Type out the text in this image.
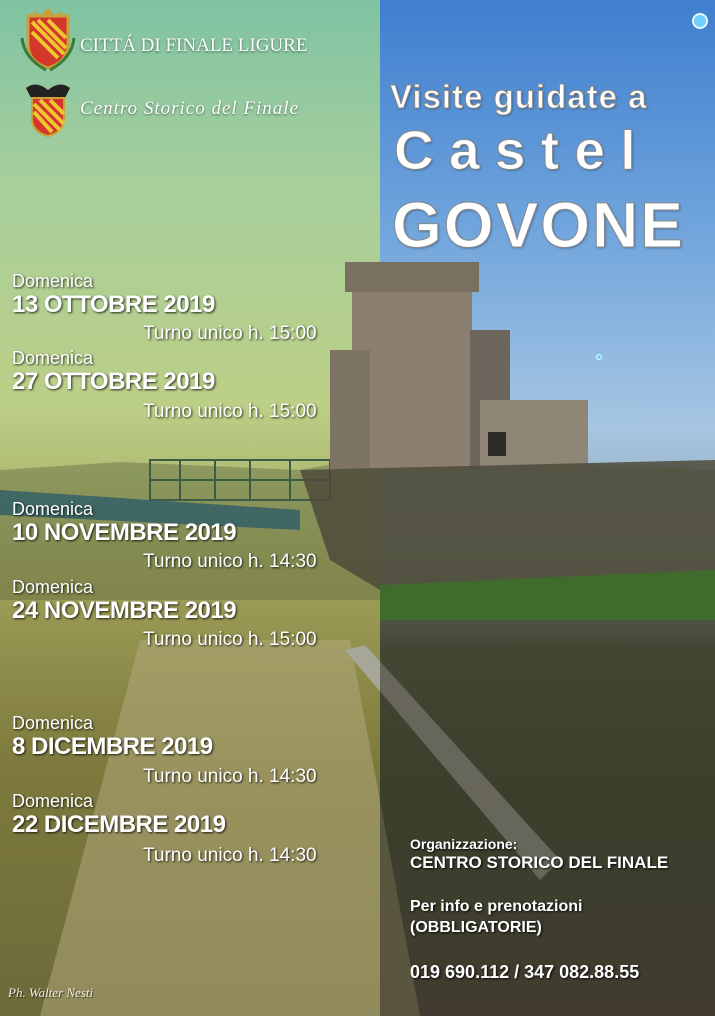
CITTÁ DI FINALE LIGURE
Centro Storico del Finale	Visite guidate a
C a s t e l
GOVONE
Domenica
13 OTTOBRE 2019
Turno unico h. 15:00
Domenica
27 OTTOBRE 2019
Turno unico h. 15:00
Domenica
10 NOVEMBRE 2019
Turno unico h. 14:30
Domenica
24 NOVEMBRE 2019
Turno unico h. 15:00
Domenica
8 DICEMBRE 2019
Turno unico h. 14:30
Domenica
22 DICEMBRE 2019
Turno unico h. 14:30
Organizzazione:
CENTRO STORICO DEL FINALE
Per info e prenotazioni
(OBBLIGATORIE)
019 690.112 / 347 082.88.55
Ph. Walter Nesti
